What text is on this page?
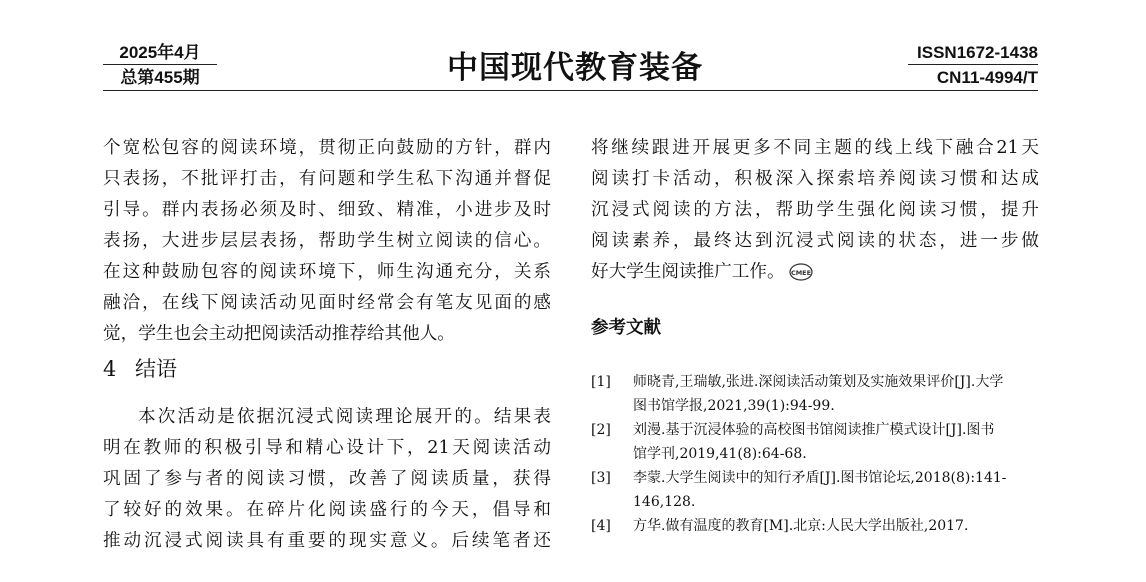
2025年4月
总第455期	中国现代教育装备	ISSN1672-1438
CN11-4994/T

个宽松包容的阅读环境，贯彻正向鼓励的方针，群内
只表扬，不批评打击，有问题和学生私下沟通并督促
引导。群内表扬必须及时、细致、精准，小进步及时
表扬，大进步层层表扬，帮助学生树立阅读的信心。
在这种鼓励包容的阅读环境下，师生沟通充分，关系
融洽，在线下阅读活动见面时经常会有笔友见面的感
觉，学生也会主动把阅读活动推荐给其他人。

4 结语

本次活动是依据沉浸式阅读理论展开的。结果表
明在教师的积极引导和精心设计下，21天阅读活动
巩固了参与者的阅读习惯，改善了阅读质量，获得
了较好的效果。在碎片化阅读盛行的今天，倡导和
推动沉浸式阅读具有重要的现实意义。后续笔者还

将继续跟进开展更多不同主题的线上线下融合21天
阅读打卡活动，积极深入探索培养阅读习惯和达成
沉浸式阅读的方法，帮助学生强化阅读习惯，提升
阅读素养，最终达到沉浸式阅读的状态，进一步做
好大学生阅读推广工作。 CMEE

参考文献
[1] 师晓青,王瑞敏,张进.深阅读活动策划及实施效果评价[J].大学
图书馆学报,2021,39(1):94-99.
[2] 刘漫.基于沉浸体验的高校图书馆阅读推广模式设计[J].图书
馆学刊,2019,41(8):64-68.
[3] 李蒙.大学生阅读中的知行矛盾[J].图书馆论坛,2018(8):141-
146,128.
[4] 方华.做有温度的教育[M].北京:人民大学出版社,2017.
